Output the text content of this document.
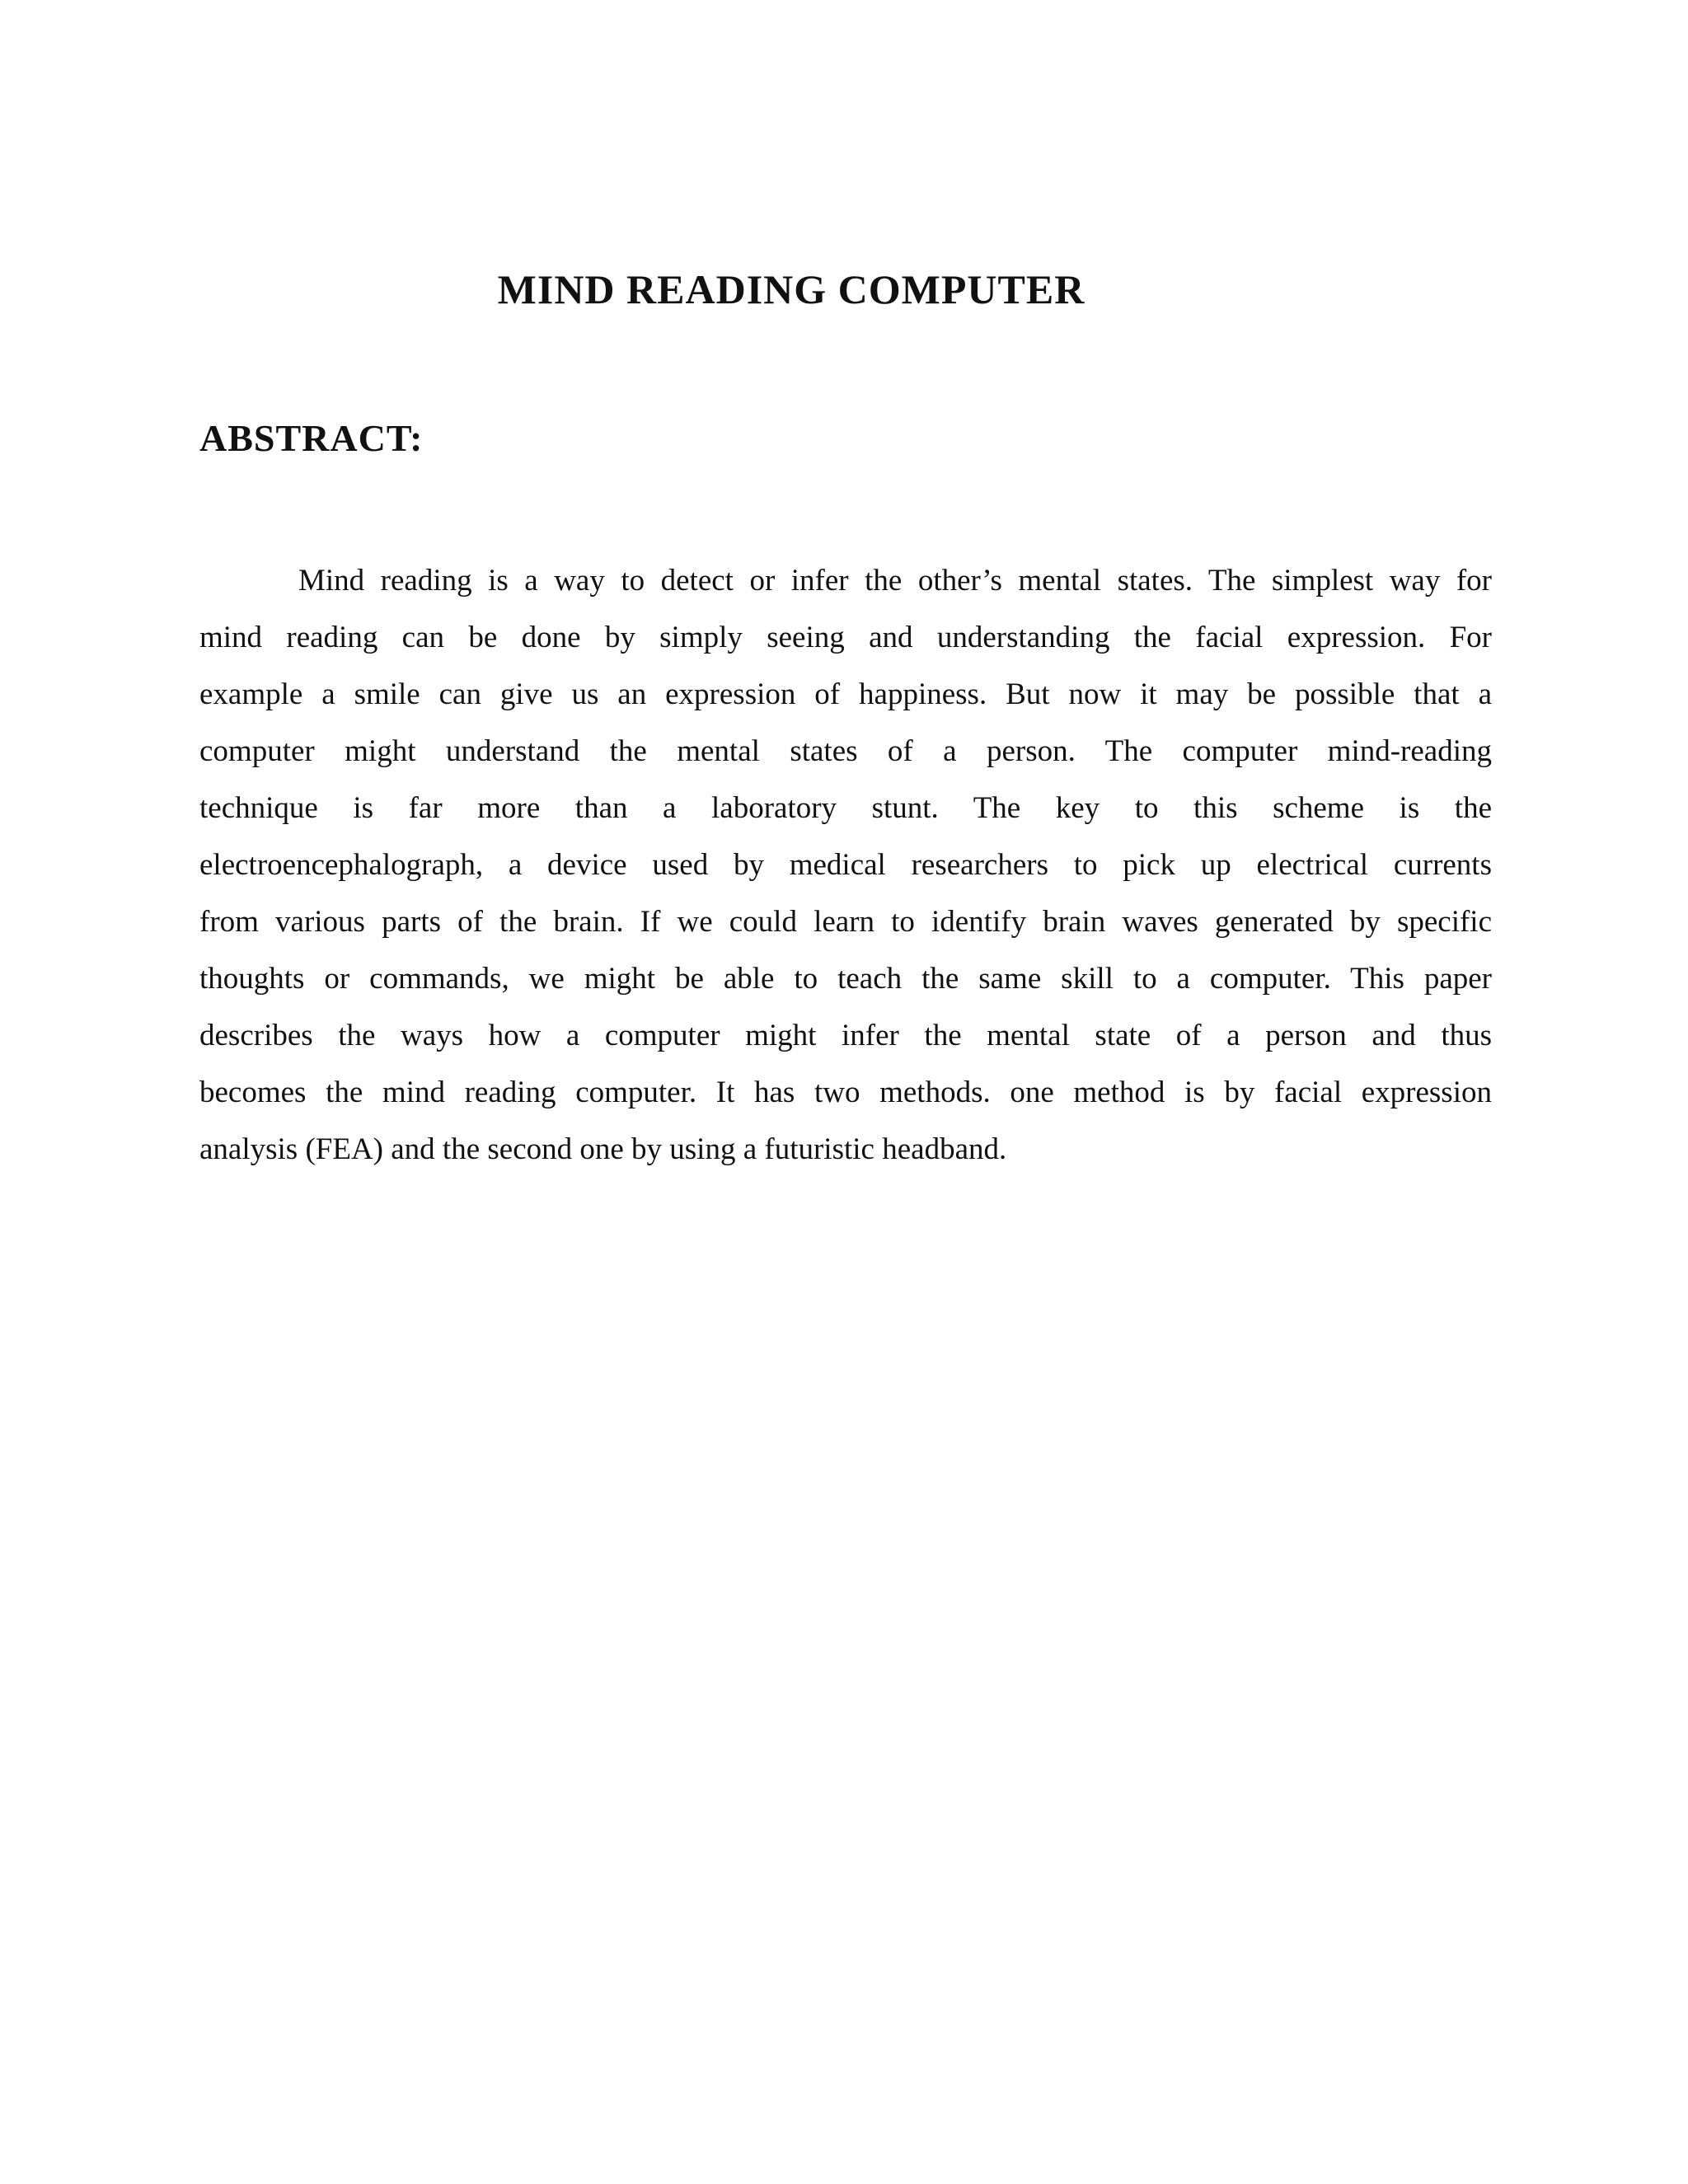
MIND READING COMPUTER
ABSTRACT:
Mind reading is a way to detect or infer the other’s mental states. The simplest way for
mind reading can be done by simply seeing and understanding the facial expression. For
example a smile can give us an expression of happiness. But now it may be possible that a
computer might understand the mental states of a person. The computer mind-reading
technique is far more than a laboratory stunt. The key to this scheme is the
electroencephalograph, a device used by medical researchers to pick up electrical currents
from various parts of the brain. If we could learn to identify brain waves generated by specific
thoughts or commands, we might be able to teach the same skill to a computer. This paper
describes the ways how a computer might infer the mental state of a person and thus
becomes the mind reading computer. It has two methods. one method is by facial expression
analysis (FEA) and the second one by using a futuristic headband.
